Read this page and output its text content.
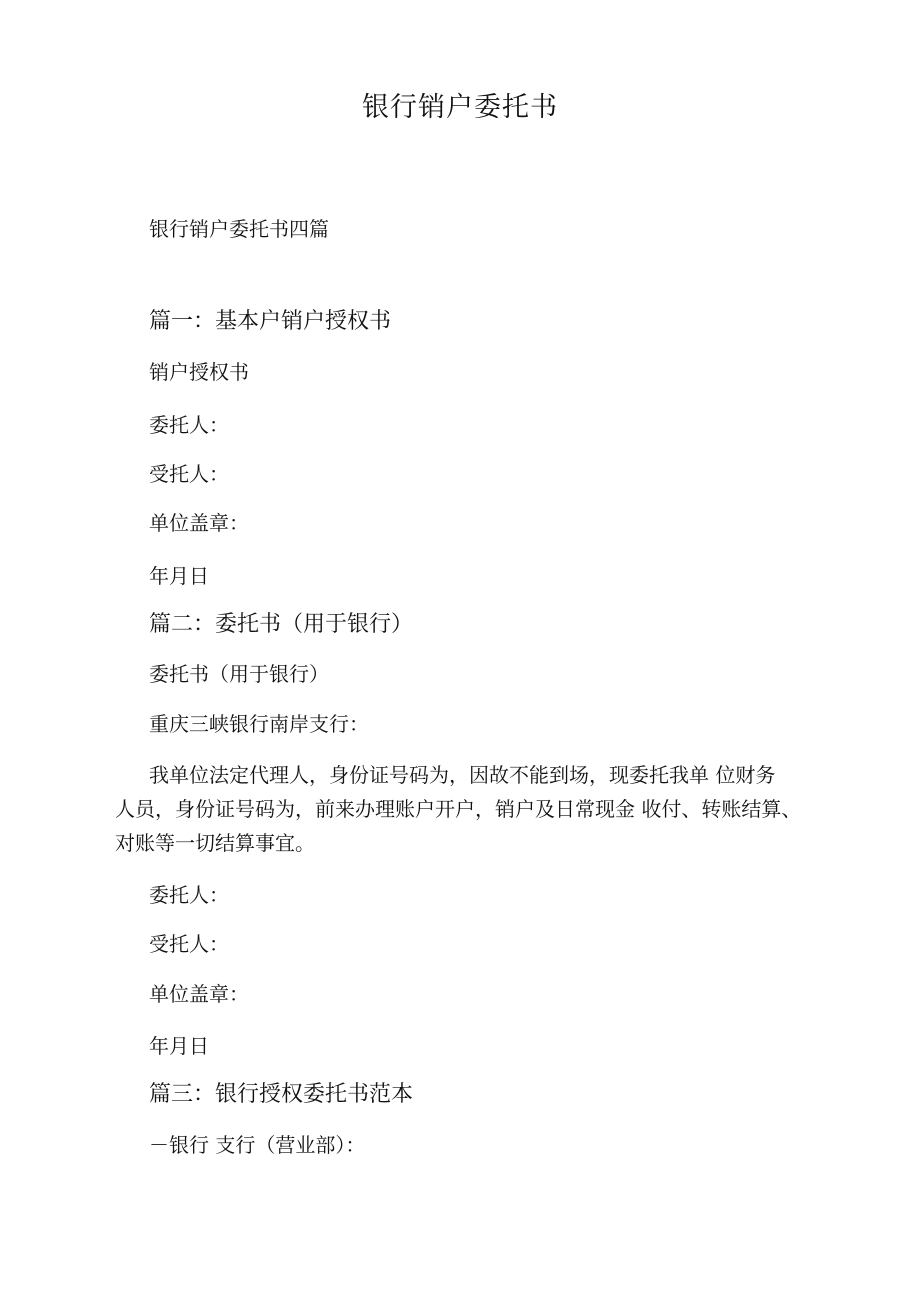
银行销户委托书
银行销户委托书四篇
篇一：基本户销户授权书
销户授权书
委托人：
受托人：
单位盖章：
年月日
篇二：委托书（用于银行）
委托书（用于银行）
重庆三峡银行南岸支行：
我单位法定代理人，身份证号码为，因故不能到场，现委托我单 位财务
人员，身份证号码为，前来办理账户开户，销户及日常现金 收付、转账结算、
对账等一切结算事宜。
委托人：
受托人：
单位盖章：
年月日
篇三：银行授权委托书范本
－银行 支行（营业部）：
